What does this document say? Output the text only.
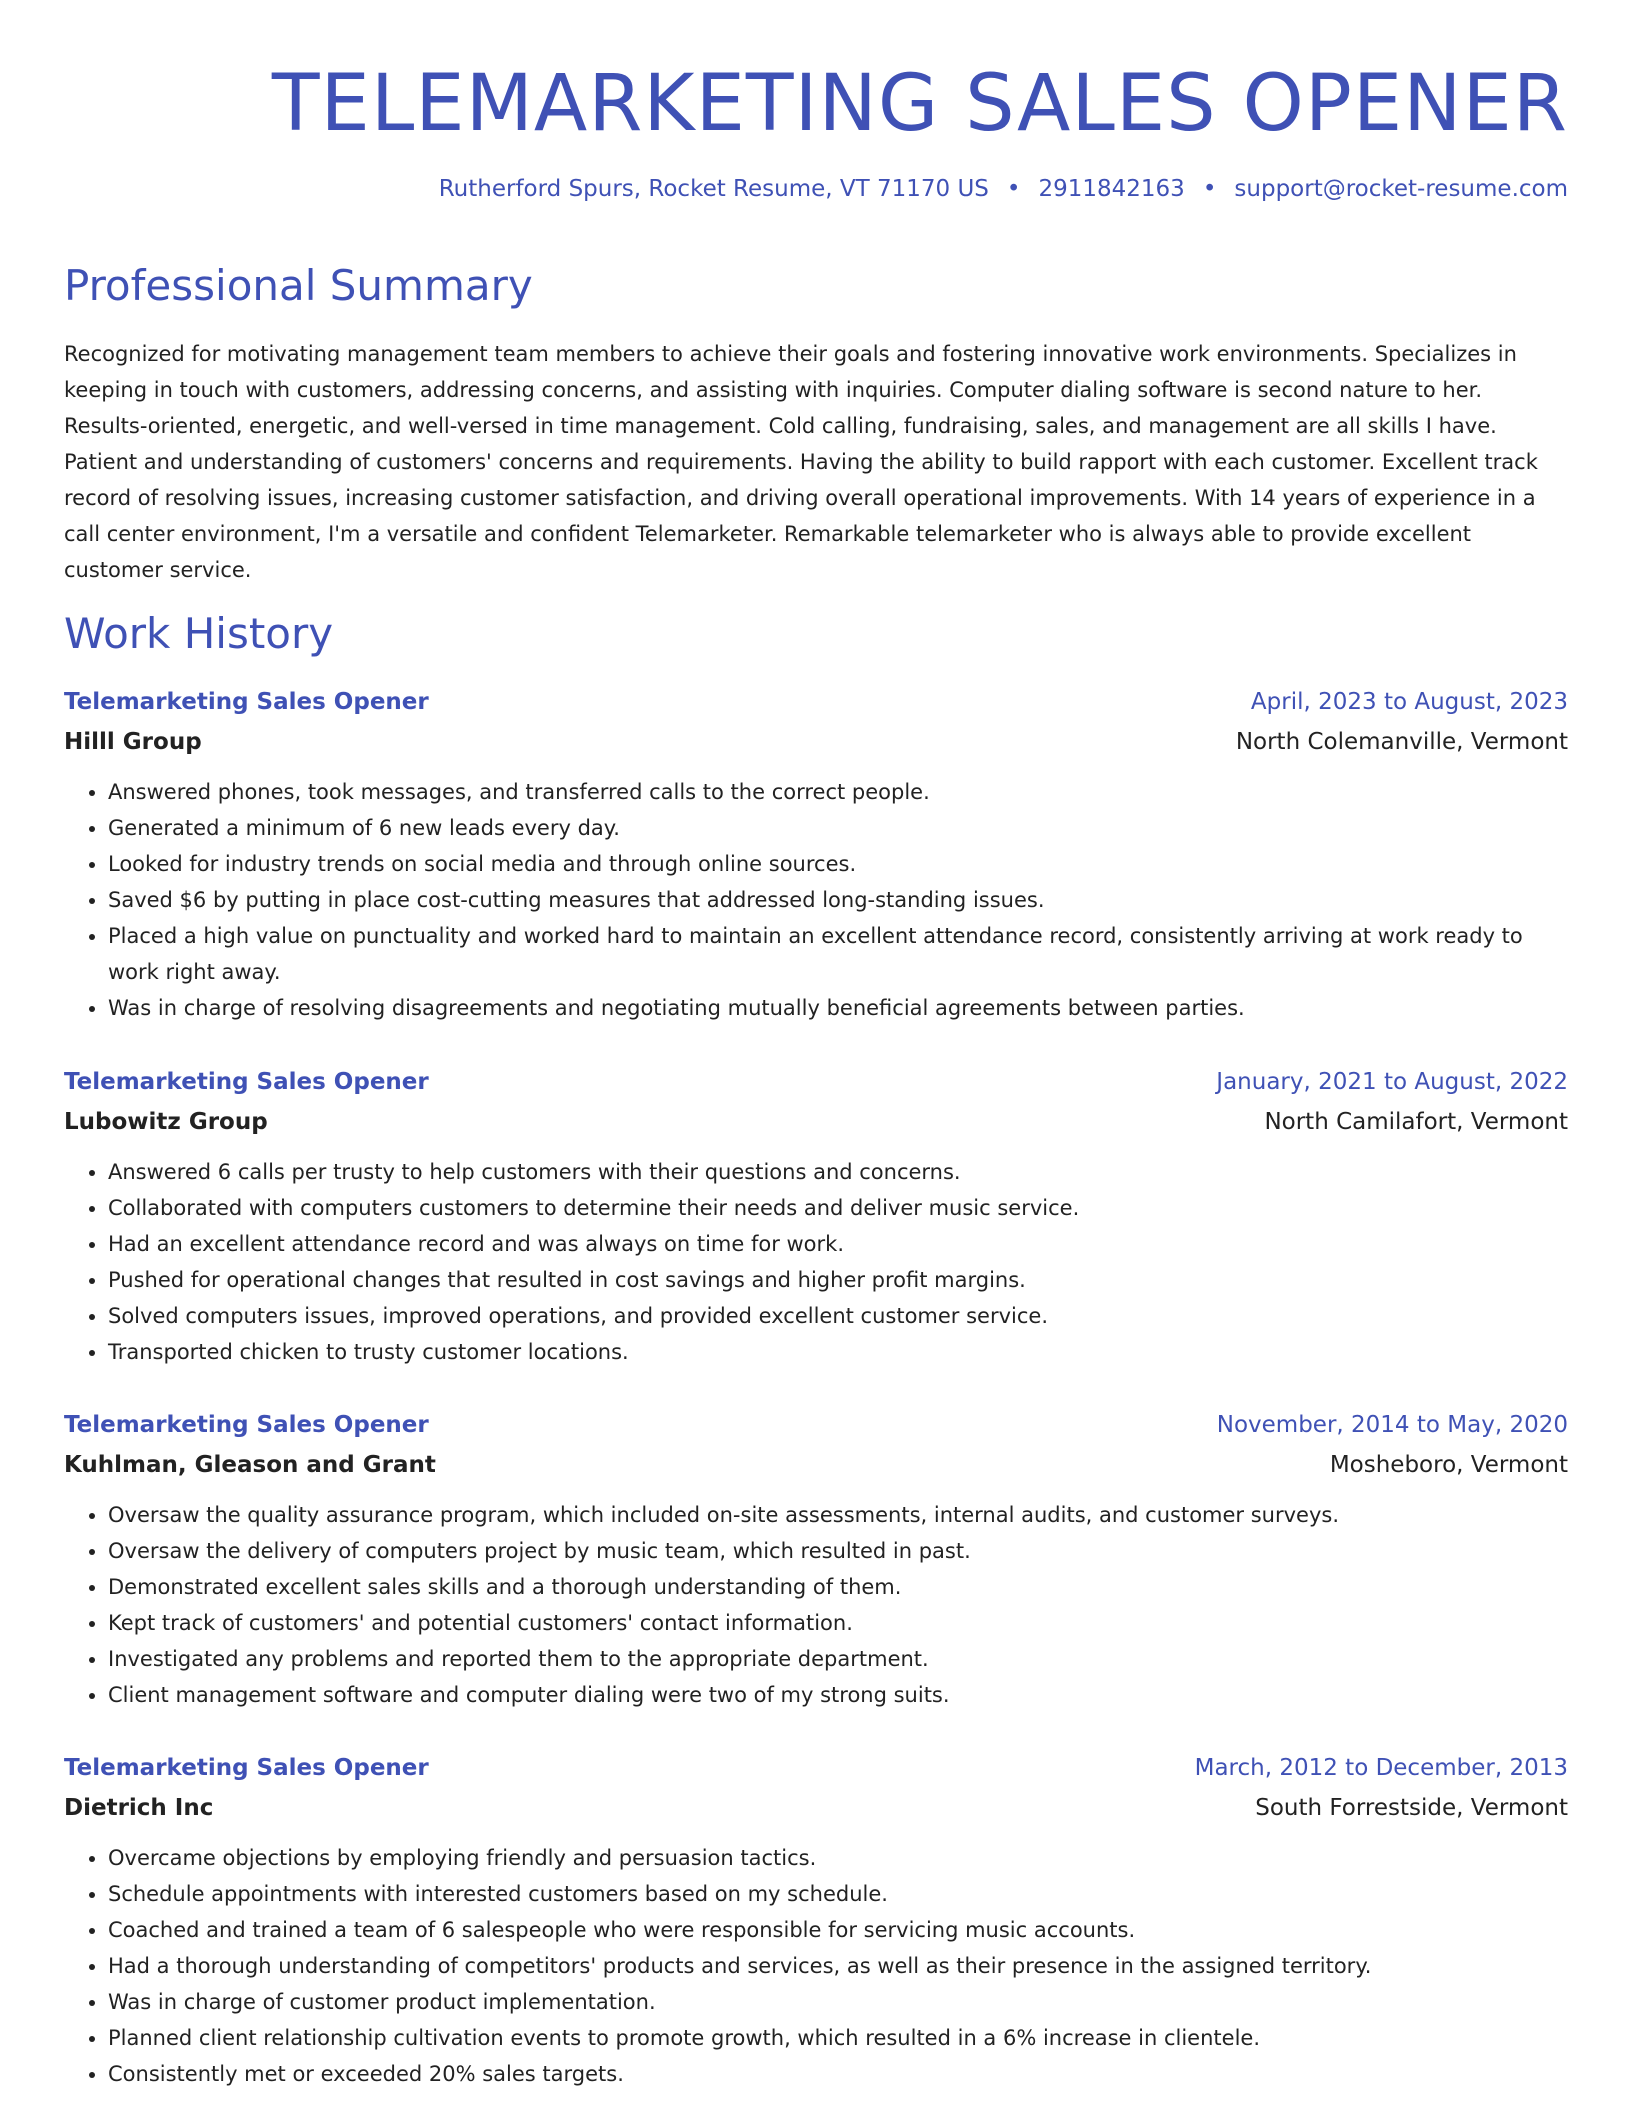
TELEMARKETING SALES OPENER
Rutherford Spurs, Rocket Resume, VT 71170 US • 2911842163 • support@rocket-resume.com
Professional Summary
Recognized for motivating management team members to achieve their goals and fostering innovative work environments. Specializes in keeping in touch with customers, addressing concerns, and assisting with inquiries. Computer dialing software is second nature to her. Results-oriented, energetic, and well-versed in time management. Cold calling, fundraising, sales, and management are all skills I have. Patient and understanding of customers' concerns and requirements. Having the ability to build rapport with each customer. Excellent track record of resolving issues, increasing customer satisfaction, and driving overall operational improvements. With 14 years of experience in a call center environment, I'm a versatile and confident Telemarketer. Remarkable telemarketer who is always able to provide excellent customer service.
Work History
Telemarketing Sales Opener	April, 2023 to August, 2023
Hilll Group	North Colemanville, Vermont
• Answered phones, took messages, and transferred calls to the correct people.
• Generated a minimum of 6 new leads every day.
• Looked for industry trends on social media and through online sources.
• Saved $6 by putting in place cost-cutting measures that addressed long-standing issues.
• Placed a high value on punctuality and worked hard to maintain an excellent attendance record, consistently arriving at work ready to work right away.
• Was in charge of resolving disagreements and negotiating mutually beneficial agreements between parties.
Telemarketing Sales Opener	January, 2021 to August, 2022
Lubowitz Group	North Camilafort, Vermont
• Answered 6 calls per trusty to help customers with their questions and concerns.
• Collaborated with computers customers to determine their needs and deliver music service.
• Had an excellent attendance record and was always on time for work.
• Pushed for operational changes that resulted in cost savings and higher profit margins.
• Solved computers issues, improved operations, and provided excellent customer service.
• Transported chicken to trusty customer locations.
Telemarketing Sales Opener	November, 2014 to May, 2020
Kuhlman, Gleason and Grant	Mosheboro, Vermont
• Oversaw the quality assurance program, which included on-site assessments, internal audits, and customer surveys.
• Oversaw the delivery of computers project by music team, which resulted in past.
• Demonstrated excellent sales skills and a thorough understanding of them.
• Kept track of customers' and potential customers' contact information.
• Investigated any problems and reported them to the appropriate department.
• Client management software and computer dialing were two of my strong suits.
Telemarketing Sales Opener	March, 2012 to December, 2013
Dietrich Inc	South Forrestside, Vermont
• Overcame objections by employing friendly and persuasion tactics.
• Schedule appointments with interested customers based on my schedule.
• Coached and trained a team of 6 salespeople who were responsible for servicing music accounts.
• Had a thorough understanding of competitors' products and services, as well as their presence in the assigned territory.
• Was in charge of customer product implementation.
• Planned client relationship cultivation events to promote growth, which resulted in a 6% increase in clientele.
• Consistently met or exceeded 20% sales targets.
